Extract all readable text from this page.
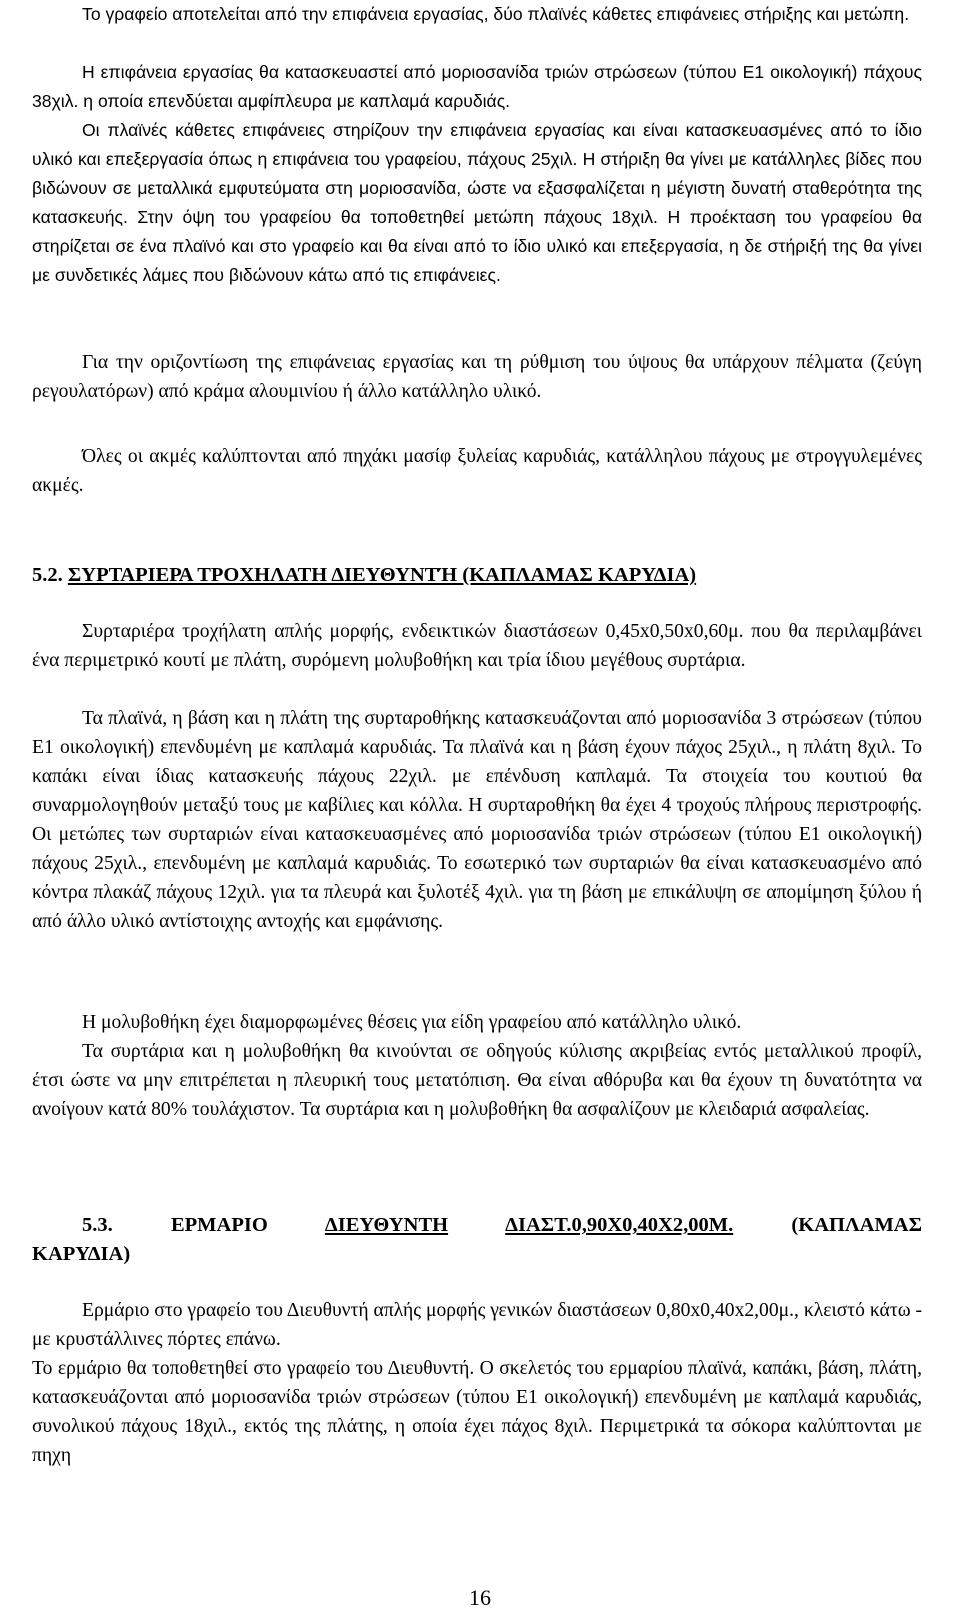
Το γραφείο αποτελείται από την επιφάνεια εργασίας, δύο πλαϊνές κάθετες επιφάνειες στήριξης και μετώπη.

Η επιφάνεια εργασίας θα κατασκευαστεί από μοριοσανίδα τριών στρώσεων (τύπου Ε1 οικολογική) πάχους 38χιλ. η οποία επενδύεται αμφίπλευρα με καπλαμά καρυδιάς.

Οι πλαϊνές κάθετες επιφάνειες στηρίζουν την επιφάνεια εργασίας και είναι κατασκευασμένες από το ίδιο υλικό και επεξεργασία όπως η επιφάνεια του γραφείου, πάχους 25χιλ. Η στήριξη θα γίνει με κατάλληλες βίδες που βιδώνουν σε μεταλλικά εμφυτεύματα στη μοριοσανίδα, ώστε να εξασφαλίζεται η μέγιστη δυνατή σταθερότητα της κατασκευής. Στην όψη του γραφείου θα τοποθετηθεί μετώπη πάχους 18χιλ. Η προέκταση του γραφείου θα στηρίζεται σε ένα πλαϊνό και στο γραφείο και θα είναι από το ίδιο υλικό και επεξεργασία, η δε στήριξή της θα γίνει με συνδετικές λάμες που βιδώνουν κάτω από τις επιφάνειες.

Για την οριζοντίωση της επιφάνειας εργασίας και τη ρύθμιση του ύψους θα υπάρχουν πέλματα (ζεύγη ρεγουλατόρων) από κράμα αλουμινίου ή άλλο κατάλληλο υλικό.

Όλες οι ακμές καλύπτονται από πηχάκι μασίφ ξυλείας καρυδιάς, κατάλληλου πάχους με στρογγυλεμένες ακμές.

5.2. ΣΥΡΤΑΡΙΕΡΑ ΤΡΟΧΗΛΑΤΗ ΔΙΕΥΘΥΝΤΉ (ΚΑΠΛΑΜΑΣ ΚΑΡΥΔΙΑ)

Συρταριέρα τροχήλατη απλής μορφής, ενδεικτικών διαστάσεων 0,45x0,50x0,60μ. που θα περιλαμβάνει ένα περιμετρικό κουτί με πλάτη, συρόμενη μολυβοθήκη και τρία ίδιου μεγέθους συρτάρια.

Τα πλαϊνά, η βάση και η πλάτη της συρταροθήκης κατασκευάζονται από μοριοσανίδα 3 στρώσεων (τύπου Ε1 οικολογική) επενδυμένη με καπλαμά καρυδιάς. Τα πλαϊνά και η βάση έχουν πάχος 25χιλ., η πλάτη 8χιλ. Το καπάκι είναι ίδιας κατασκευής πάχους 22χιλ. με επένδυση καπλαμά. Τα στοιχεία του κουτιού θα συναρμολογηθούν μεταξύ τους με καβίλιες και κόλλα. Η συρταροθήκη θα έχει 4 τροχούς πλήρους περιστροφής. Οι μετώπες των συρταριών είναι κατασκευασμένες από μοριοσανίδα τριών στρώσεων (τύπου Ε1 οικολογική) πάχους 25χιλ., επενδυμένη με καπλαμά καρυδιάς. Το εσωτερικό των συρταριών θα είναι κατασκευασμένο από κόντρα πλακάζ πάχους 12χιλ. για τα πλευρά και ξυλοτέξ 4χιλ. για τη βάση με επικάλυψη σε απομίμηση ξύλου ή από άλλο υλικό αντίστοιχης αντοχής και εμφάνισης.

Η μολυβοθήκη έχει διαμορφωμένες θέσεις για είδη γραφείου από κατάλληλο υλικό.

Τα συρτάρια και η μολυβοθήκη θα κινούνται σε οδηγούς κύλισης ακριβείας εντός μεταλλικού προφίλ, έτσι ώστε να μην επιτρέπεται η πλευρική τους μετατόπιση. Θα είναι αθόρυβα και θα έχουν τη δυνατότητα να ανοίγουν κατά 80% τουλάχιστον. Τα συρτάρια και η μολυβοθήκη θα ασφαλίζουν με κλειδαριά ασφαλείας.

5.3.	ΕΡΜΑΡΙΟ	ΔΙΕΥΘΥΝΤΗ	ΔΙΑΣΤ.0,90Χ0,40Χ2,00Μ.	(ΚΑΠΛΑΜΑΣ
ΚΑΡΥΔΙΑ)

Ερμάριο στο γραφείο του Διευθυντή απλής μορφής γενικών διαστάσεων 0,80x0,40x2,00μ., κλειστό κάτω - με κρυστάλλινες πόρτες επάνω.

Το ερμάριο θα τοποθετηθεί στο γραφείο του Διευθυντή. Ο σκελετός του ερμαρίου πλαϊνά, καπάκι, βάση, πλάτη, κατασκευάζονται από μοριοσανίδα τριών στρώσεων (τύπου Ε1 οικολογική) επενδυμένη με καπλαμά καρυδιάς, συνολικού πάχους 18χιλ., εκτός της πλάτης, η οποία έχει πάχος 8χιλ. Περιμετρικά τα σόκορα καλύπτονται με πηχη

16
